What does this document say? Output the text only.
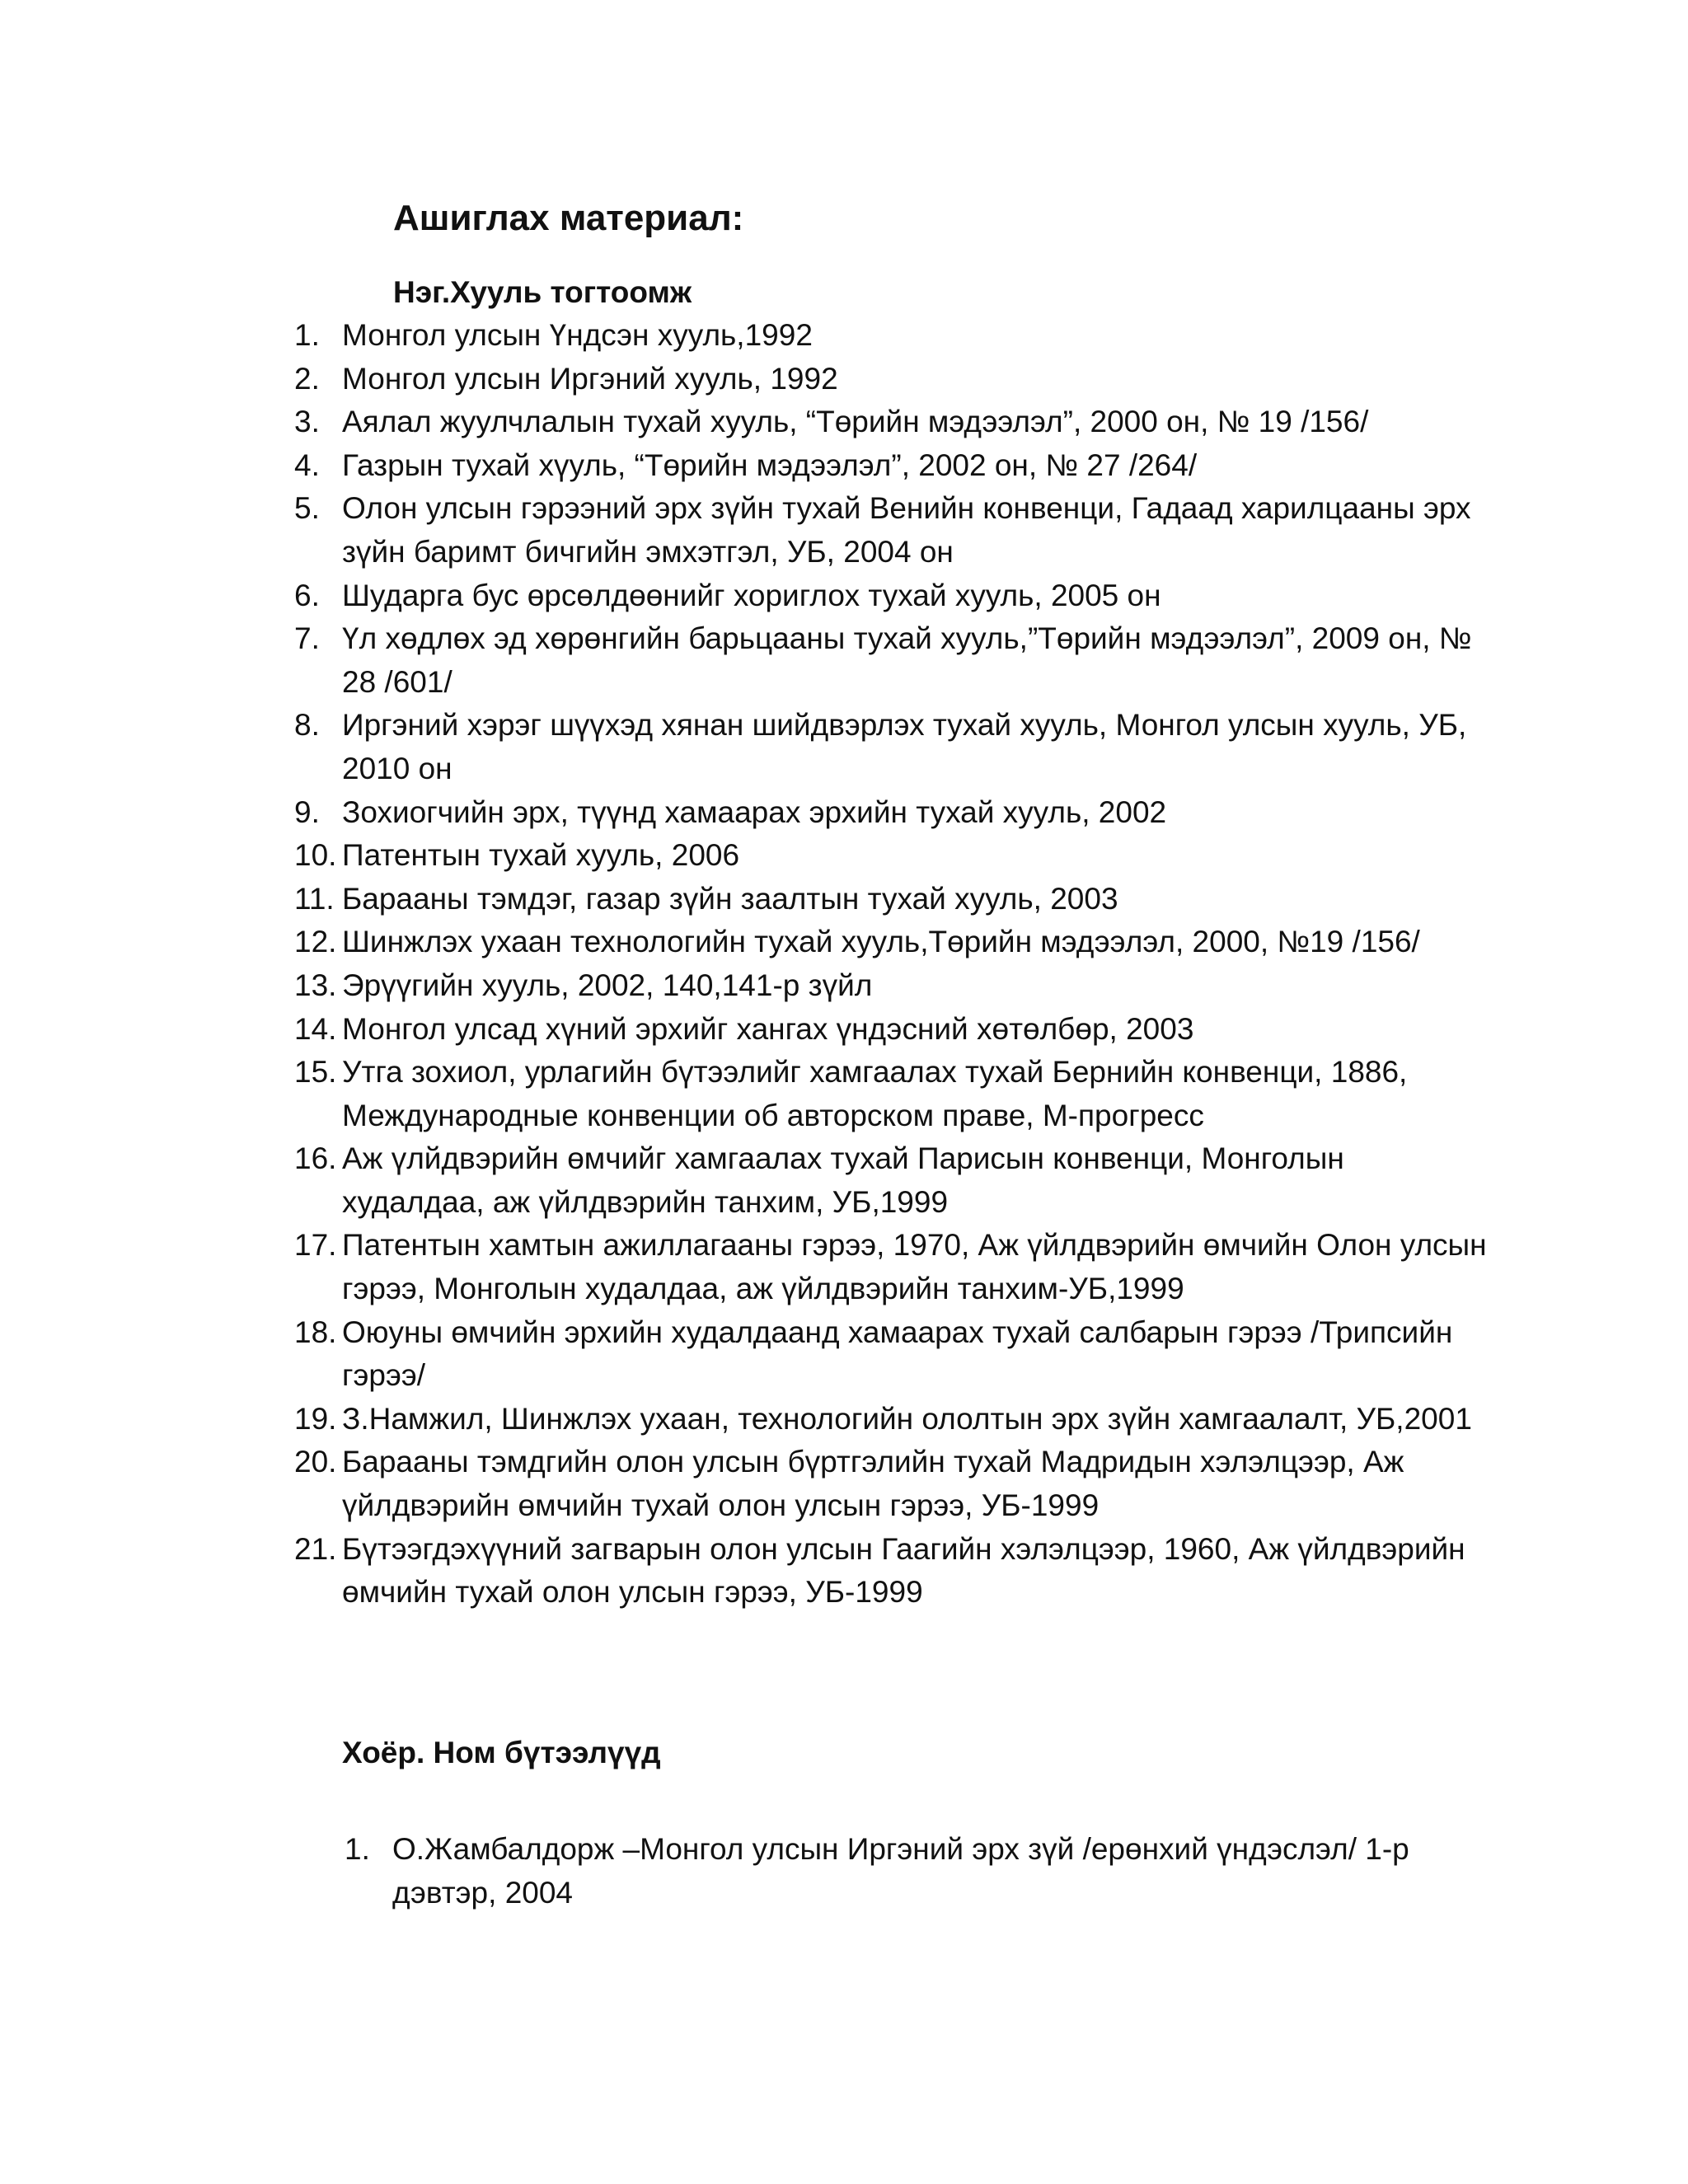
Ашиглах материал:
Нэг.Хууль тогтоомж
1. Монгол улсын Үндсэн хууль,1992
2. Монгол улсын Иргэний хууль, 1992
3. Аялал жуулчлалын тухай хууль, “Төрийн мэдээлэл”, 2000 он, № 19 /156/
4. Газрын тухай хүуль, “Төрийн мэдээлэл”, 2002 он, № 27 /264/
5. Олон улсын гэрээний эрх зүйн тухай Венийн конвенци, Гадаад харилцааны эрх зүйн баримт бичгийн эмхэтгэл, УБ, 2004 он
6. Шударга бус өрсөлдөөнийг хориглох тухай хууль, 2005 он
7. Үл хөдлөх эд хөрөнгийн барьцааны тухай хууль,”Төрийн мэдээлэл”, 2009 он, № 28 /601/
8. Иргэний хэрэг шүүхэд хянан шийдвэрлэх тухай хууль, Монгол улсын хууль, УБ, 2010 он
9. Зохиогчийн эрх, түүнд хамаарах эрхийн тухай хууль, 2002
10. Патентын тухай хууль, 2006
11. Барааны тэмдэг, газар зүйн заалтын тухай хууль, 2003
12. Шинжлэх ухаан технологийн тухай хууль,Төрийн мэдээлэл, 2000, №19 /156/
13. Эрүүгийн хууль, 2002, 140,141-р зүйл
14. Монгол улсад хүний эрхийг хангах үндэсний хөтөлбөр, 2003
15. Утга зохиол, урлагийн бүтээлийг хамгаалах тухай Бернийн конвенци, 1886, Международные конвенции об авторском праве, М-прогресс
16. Аж үлйдвэрийн өмчийг хамгаалах тухай Парисын конвенци, Монголын худалдаа, аж үйлдвэрийн танхим, УБ,1999
17. Патентын хамтын ажиллагааны гэрээ, 1970, Аж үйлдвэрийн өмчийн Олон улсын гэрээ, Монголын худалдаа, аж үйлдвэрийн танхим-УБ,1999
18. Оюуны өмчийн эрхийн худалдаанд хамаарах тухай салбарын гэрээ /Трипсийн гэрээ/
19. З.Намжил, Шинжлэх ухаан, технологийн ололтын эрх зүйн хамгаалалт, УБ,2001
20. Барааны тэмдгийн олон улсын бүртгэлийн тухай Мадридын хэлэлцээр, Аж үйлдвэрийн өмчийн тухай олон улсын гэрээ, УБ-1999
21. Бүтээгдэхүүний загварын олон улсын Гаагийн хэлэлцээр, 1960, Аж үйлдвэрийн өмчийн тухай олон улсын гэрээ, УБ-1999
Хоёр. Ном бүтээлүүд
1. О.Жамбалдорж –Монгол улсын Иргэний эрх зүй /ерөнхий үндэслэл/ 1-р дэвтэр, 2004
